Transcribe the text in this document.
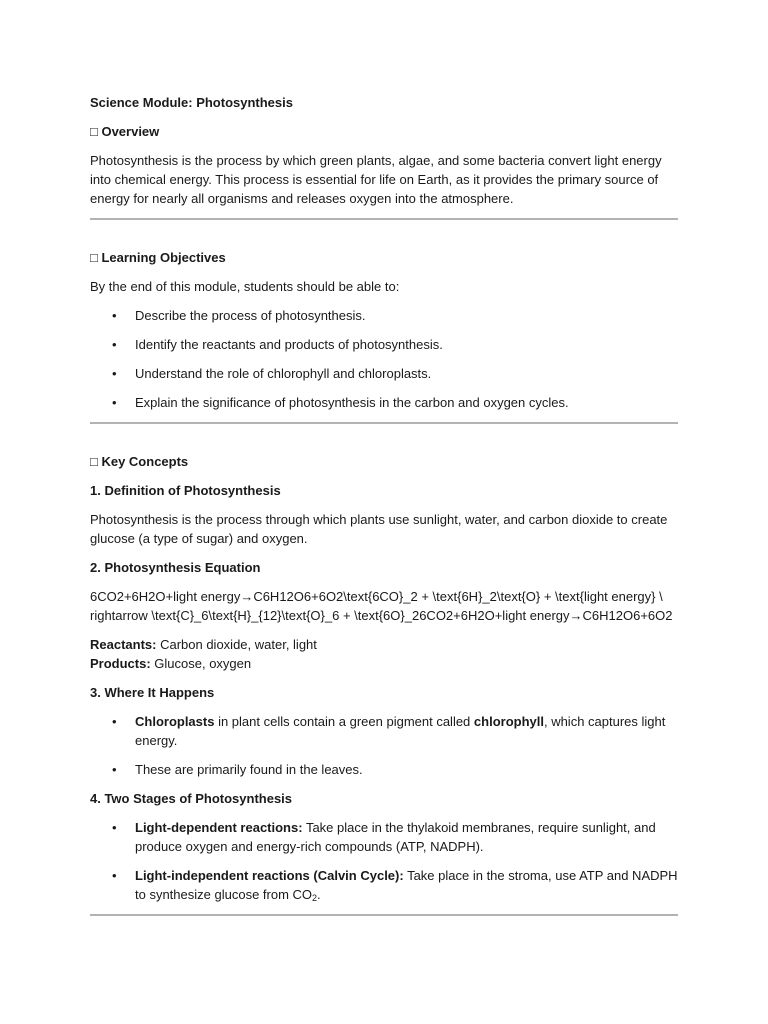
Science Module: Photosynthesis

□ Overview

Photosynthesis is the process by which green plants, algae, and some bacteria convert light energy into chemical energy. This process is essential for life on Earth, as it provides the primary source of energy for nearly all organisms and releases oxygen into the atmosphere.

□ Learning Objectives

By the end of this module, students should be able to:

• Describe the process of photosynthesis.
• Identify the reactants and products of photosynthesis.
• Understand the role of chlorophyll and chloroplasts.
• Explain the significance of photosynthesis in the carbon and oxygen cycles.

□ Key Concepts

1. Definition of Photosynthesis

Photosynthesis is the process through which plants use sunlight, water, and carbon dioxide to create glucose (a type of sugar) and oxygen.

2. Photosynthesis Equation

6CO2+6H2O+light energy→C6H12O6+6O2\text{6CO}_2 + \text{6H}_2\text{O} + \text{light energy} \

rightarrow \text{C}_6\text{H}_{12}\text{O}_6 + \text{6O}_26CO2+6H2O+light energy→C6H12O6+6O2

Reactants: Carbon dioxide, water, light

Products: Glucose, oxygen

3. Where It Happens

• Chloroplasts in plant cells contain a green pigment called chlorophyll, which captures light energy.
• These are primarily found in the leaves.

4. Two Stages of Photosynthesis

• Light-dependent reactions: Take place in the thylakoid membranes, require sunlight, and produce oxygen and energy-rich compounds (ATP, NADPH).
• Light-independent reactions (Calvin Cycle): Take place in the stroma, use ATP and NADPH to synthesize glucose from $CO_2$.
